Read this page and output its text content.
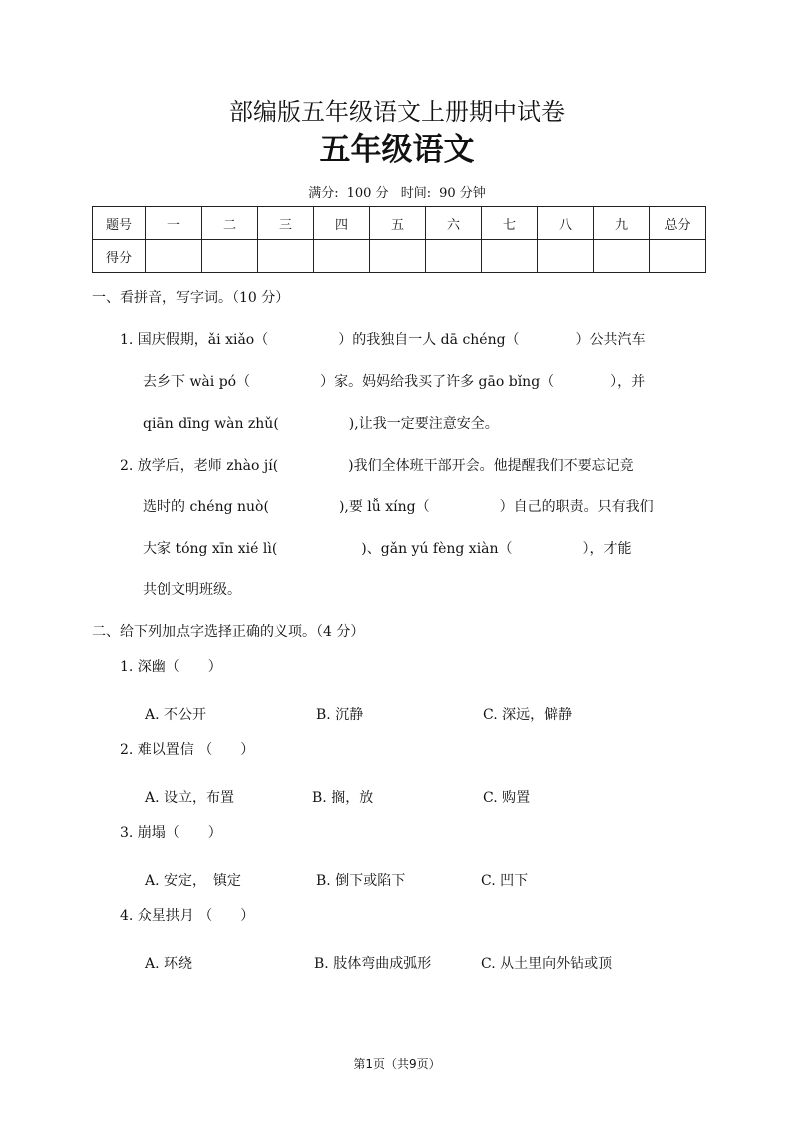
部编版五年级语文上册期中试卷
五年级语文
满分: 100 分 时间: 90 分钟
题号	一	二	三	四	五	六	七	八	九	总分
得分										
一、看拼音，写字词。（10 分）
1. 国庆假期，ǎi xiǎo（　　　　　）的我独自一人 dā chéng（　　　　）公共汽车
去乡下 wài pó（　　　　　）家。妈妈给我买了许多 gāo bǐng（　　　　），并
qiān dīng wàn zhǔ(　　　　　),让我一定要注意安全。
2. 放学后，老师 zhào jí(　　　　　)我们全体班干部开会。他提醒我们不要忘记竞
选时的 chéng nuò(　　　　　),要 lǚ xíng（　　　　　）自己的职责。只有我们
大家 tóng xīn xié lì(　　　　　　)、gǎn yú fèng xiàn（　　　　　），才能
共创文明班级。
二、给下列加点字选择正确的义项。（4 分）
1. 深幽（　　）
A. 不公开	B. 沉静	C. 深远，僻静
2. 难以置信 （　　）
A. 设立，布置	B. 搁，放	C. 购置
3. 崩塌（　　）
A. 安定，　镇定	B. 倒下或陷下	C. 凹下
4. 众星拱月 （　　）
A. 环绕	B. 肢体弯曲成弧形	C. 从土里向外钻或顶
第1页（共9页）
